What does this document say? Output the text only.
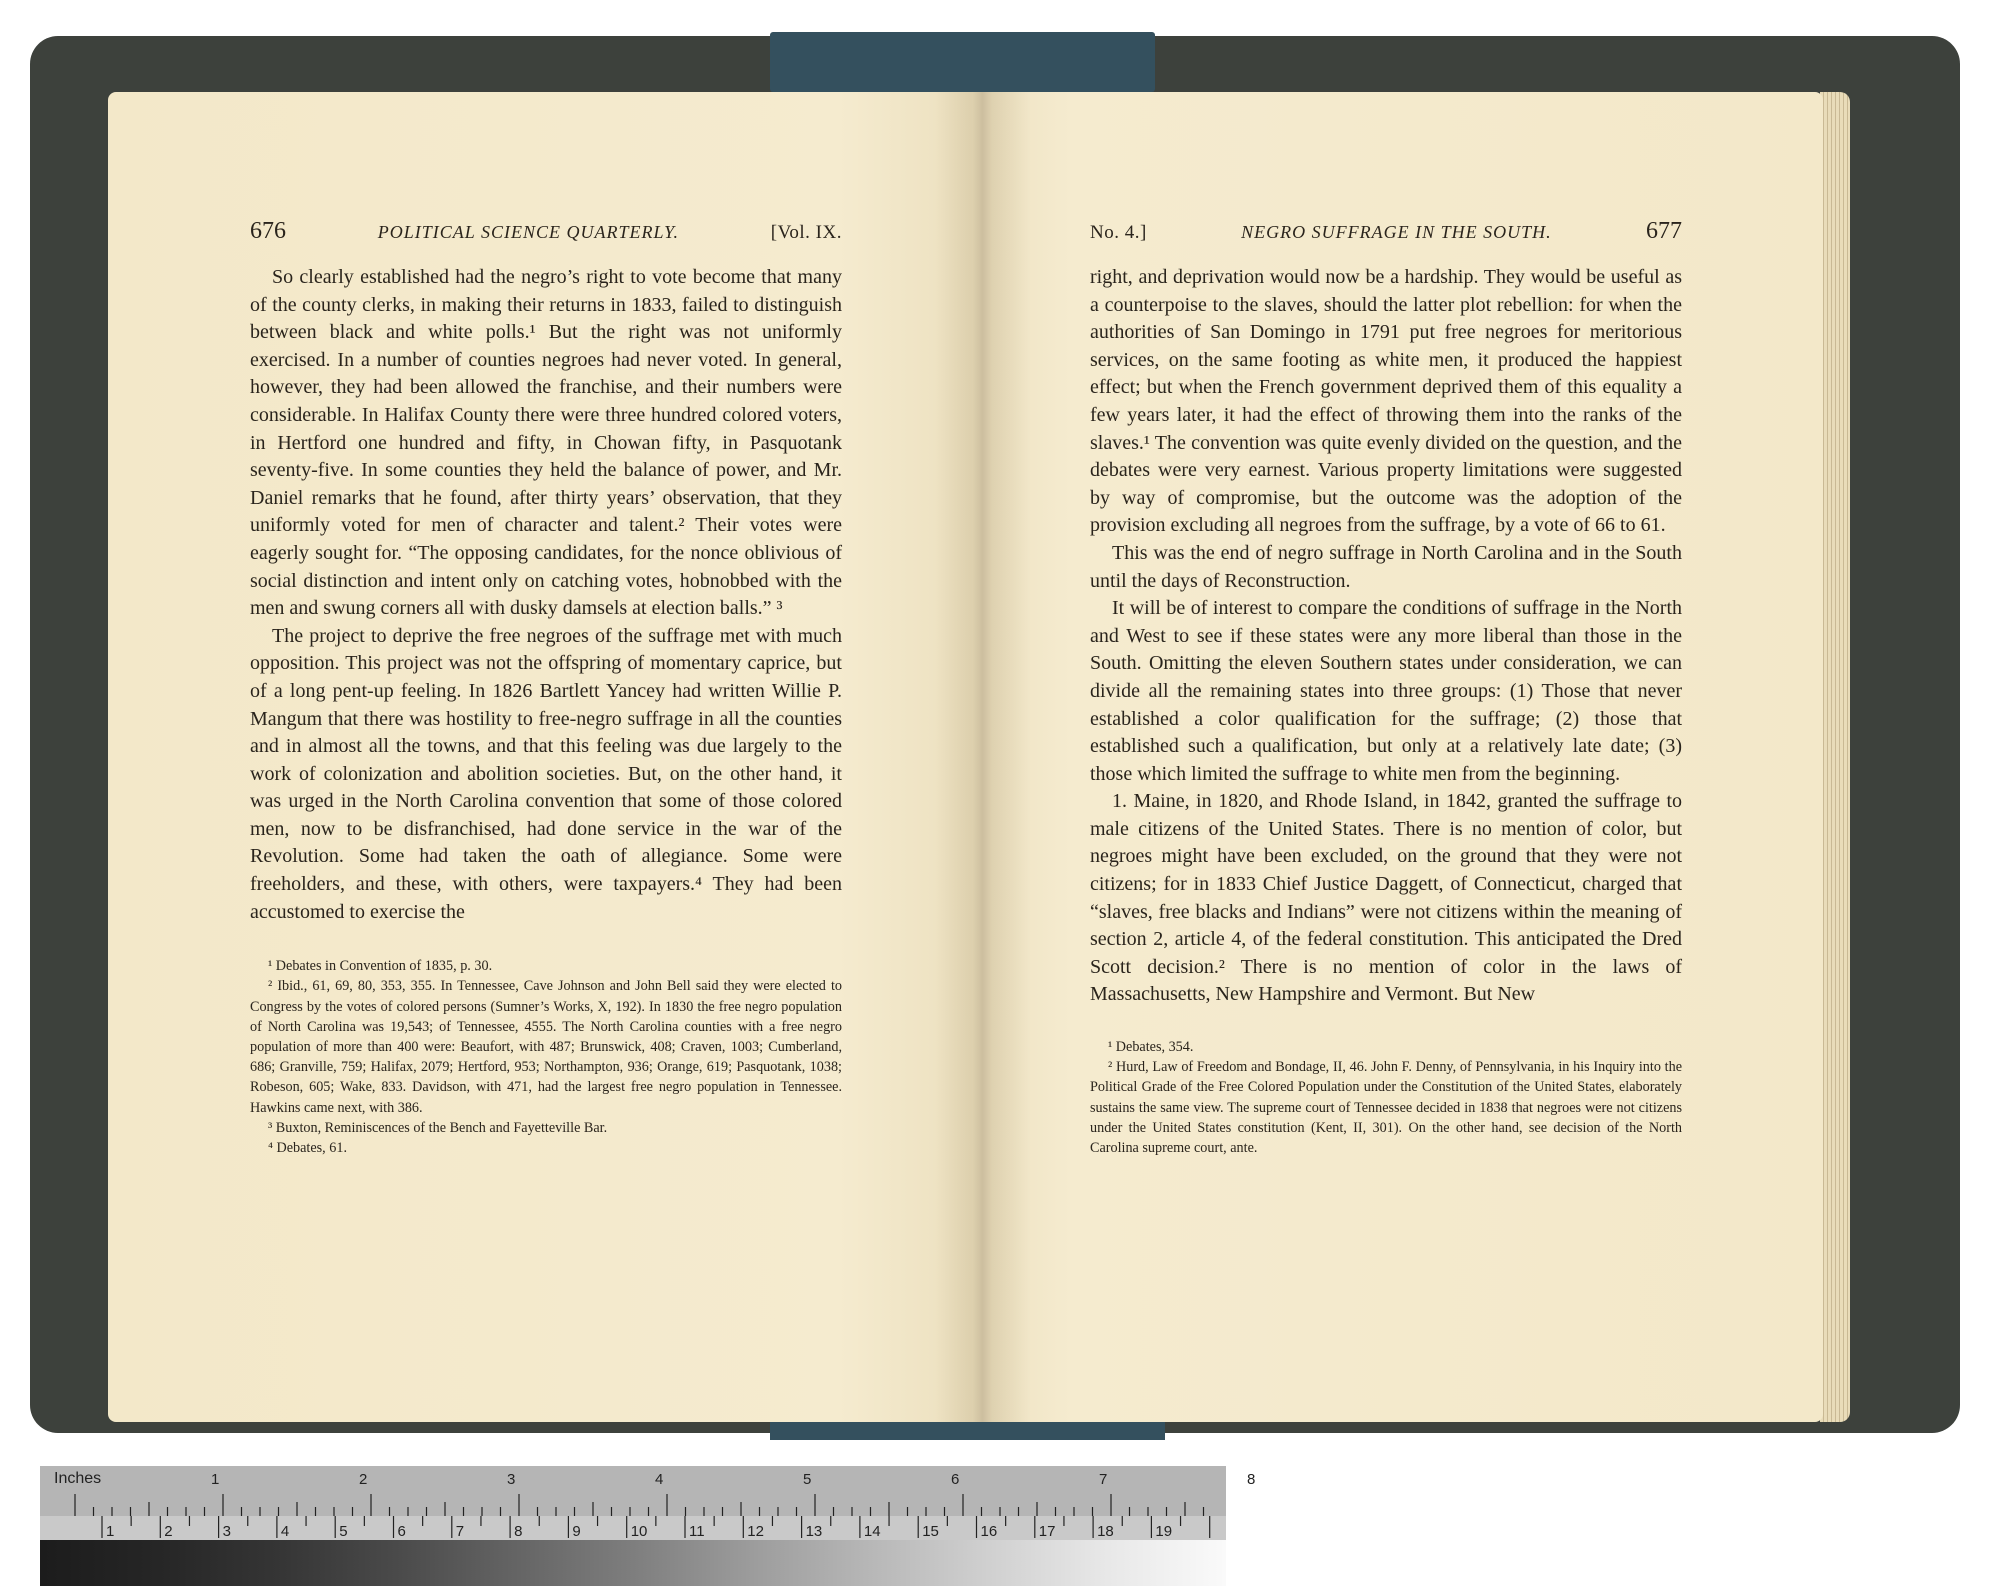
676	POLITICAL SCIENCE QUARTERLY.	[Vol. IX.

So clearly established had the negro’s right to vote become that many of the county clerks, in making their returns in 1833, failed to distinguish between black and white polls.¹ But the right was not uniformly exercised. In a number of counties negroes had never voted. In general, however, they had been allowed the franchise, and their numbers were considerable. In Halifax County there were three hundred colored voters, in Hertford one hundred and fifty, in Chowan fifty, in Pasquotank seventy-five. In some counties they held the balance of power, and Mr. Daniel remarks that he found, after thirty years’ observation, that they uniformly voted for men of character and talent.² Their votes were eagerly sought for. “The opposing candidates, for the nonce oblivious of social distinction and intent only on catching votes, hobnobbed with the men and swung corners all with dusky damsels at election balls.” ³

The project to deprive the free negroes of the suffrage met with much opposition. This project was not the offspring of momentary caprice, but of a long pent-up feeling. In 1826 Bartlett Yancey had written Willie P. Mangum that there was hostility to free-negro suffrage in all the counties and in almost all the towns, and that this feeling was due largely to the work of colonization and abolition societies. But, on the other hand, it was urged in the North Carolina convention that some of those colored men, now to be disfranchised, had done service in the war of the Revolution. Some had taken the oath of allegiance. Some were freeholders, and these, with others, were taxpayers.⁴ They had been accustomed to exercise the

¹ Debates in Convention of 1835, p. 30.

² Ibid., 61, 69, 80, 353, 355. In Tennessee, Cave Johnson and John Bell said they were elected to Congress by the votes of colored persons (Sumner’s Works, X, 192). In 1830 the free negro population of North Carolina was 19,543; of Tennessee, 4555. The North Carolina counties with a free negro population of more than 400 were: Beaufort, with 487; Brunswick, 408; Craven, 1003; Cumberland, 686; Granville, 759; Halifax, 2079; Hertford, 953; Northampton, 936; Orange, 619; Pasquotank, 1038; Robeson, 605; Wake, 833. Davidson, with 471, had the largest free negro population in Tennessee. Hawkins came next, with 386.

³ Buxton, Reminiscences of the Bench and Fayetteville Bar.

⁴ Debates, 61.

No. 4.]	NEGRO SUFFRAGE IN THE SOUTH.	677

right, and deprivation would now be a hardship. They would be useful as a counterpoise to the slaves, should the latter plot rebellion: for when the authorities of San Domingo in 1791 put free negroes for meritorious services, on the same footing as white men, it produced the happiest effect; but when the French government deprived them of this equality a few years later, it had the effect of throwing them into the ranks of the slaves.¹ The convention was quite evenly divided on the question, and the debates were very earnest. Various property limitations were suggested by way of compromise, but the outcome was the adoption of the provision excluding all negroes from the suffrage, by a vote of 66 to 61.

This was the end of negro suffrage in North Carolina and in the South until the days of Reconstruction.

It will be of interest to compare the conditions of suffrage in the North and West to see if these states were any more liberal than those in the South. Omitting the eleven Southern states under consideration, we can divide all the remaining states into three groups: (1) Those that never established a color qualification for the suffrage; (2) those that established such a qualification, but only at a relatively late date; (3) those which limited the suffrage to white men from the beginning.

1. Maine, in 1820, and Rhode Island, in 1842, granted the suffrage to male citizens of the United States. There is no mention of color, but negroes might have been excluded, on the ground that they were not citizens; for in 1833 Chief Justice Daggett, of Connecticut, charged that “slaves, free blacks and Indians” were not citizens within the meaning of section 2, article 4, of the federal constitution. This anticipated the Dred Scott decision.² There is no mention of color in the laws of Massachusetts, New Hampshire and Vermont. But New

¹ Debates, 354.

² Hurd, Law of Freedom and Bondage, II, 46. John F. Denny, of Pennsylvania, in his Inquiry into the Political Grade of the Free Colored Population under the Constitution of the United States, elaborately sustains the same view. The supreme court of Tennessee decided in 1838 that negroes were not citizens under the United States constitution (Kent, II, 301). On the other hand, see decision of the North Carolina supreme court, ante.

Inches	1	2	3	4	5	6	7	8
1	2	3	4	5	6	7	8	9	10	11	12	13	14	15	16	17	18	19
